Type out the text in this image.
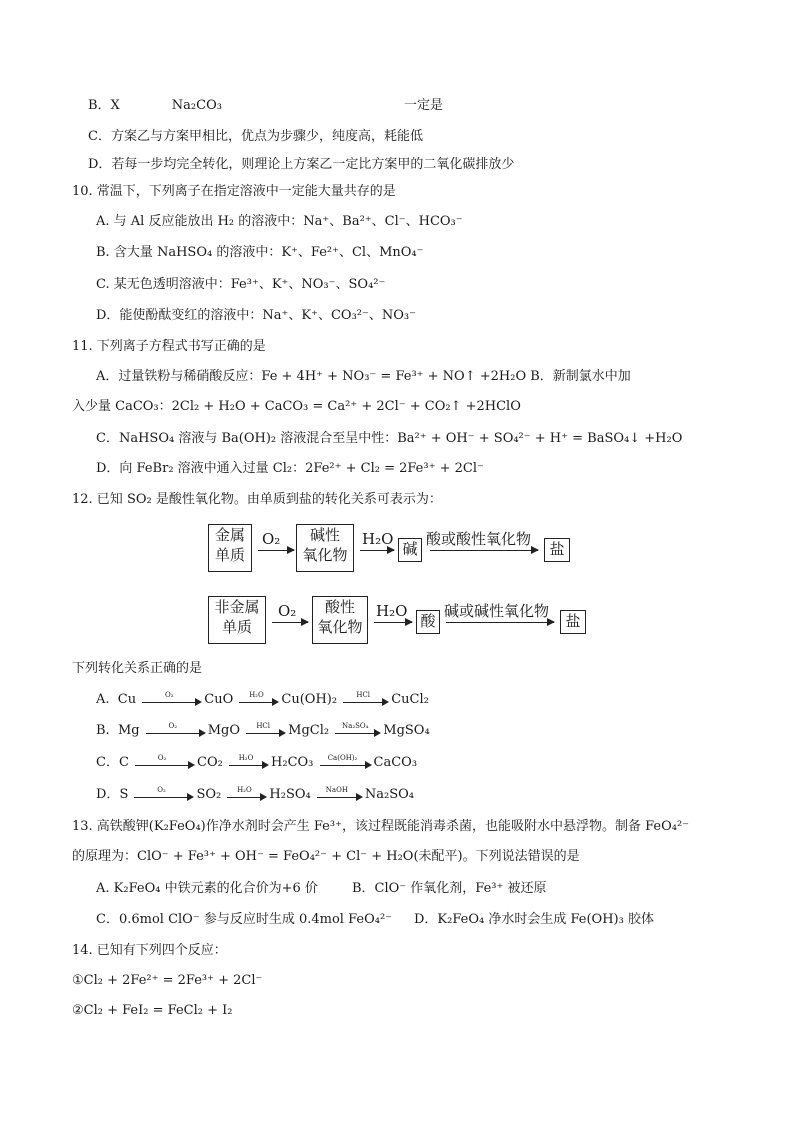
B．X　　　　Na₂CO₃　　　　　　　　　　　　　　一定是
C．方案乙与方案甲相比，优点为步骤少，纯度高，耗能低
D．若每一步均完全转化，则理论上方案乙一定比方案甲的二氧化碳排放少
10. 常温下，下列离子在指定溶液中一定能大量共存的是
A. 与 Al 反应能放出 H₂ 的溶液中：Na⁺、Ba²⁺、Cl⁻、HCO₃⁻
B. 含大量 NaHSO₄ 的溶液中：K⁺、Fe²⁺、Cl、MnO₄⁻
C. 某无色透明溶液中：Fe³⁺、K⁺、NO₃⁻、SO₄²⁻
D．能使酚酞变红的溶液中：Na⁺、K⁺、CO₃²⁻、NO₃⁻
11. 下列离子方程式书写正确的是
A．过量铁粉与稀硝酸反应：Fe + 4H⁺ + NO₃⁻ = Fe³⁺ + NO↑ +2H₂O B．新制氯水中加
入少量 CaCO₃：2Cl₂ + H₂O + CaCO₃ = Ca²⁺ + 2Cl⁻ + CO₂↑ +2HClO
C．NaHSO₄ 溶液与 Ba(OH)₂ 溶液混合至呈中性：Ba²⁺ + OH⁻ + SO₄²⁻ + H⁺ = BaSO₄↓ +H₂O
D．向 FeBr₂ 溶液中通入过量 Cl₂：2Fe²⁺ + Cl₂ = 2Fe³⁺ + 2Cl⁻
12. 已知 SO₂ 是酸性氧化物。由单质到盐的转化关系可表示为：
金属
单质
O₂	碱性
氧化物
H₂O
碱
酸或酸性氧化物
盐
非金属
单质
O₂	酸性
氧化物
H₂O
酸
碱或碱性氧化物
盐
下列转化关系正确的是
A. Cu	O₂	CuO	H₂O	Cu(OH)₂	HCl	CuCl₂
B. Mg	O₂	MgO	HCl	MgCl₂	Na₂SO₄	MgSO₄
C．C	O₂	CO₂	H₂O	H₂CO₃	Ca(OH)₂	CaCO₃
D．S	O₂	SO₂	H₂O	H₂SO₄	NaOH	Na₂SO₄
13. 高铁酸钾(K₂FeO₄)作净水剂时会产生 Fe³⁺，该过程既能消毒杀菌，也能吸附水中悬浮物。制备 FeO₄²⁻
的原理为：ClO⁻ + Fe³⁺ + OH⁻ = FeO₄²⁻ + Cl⁻ + H₂O(未配平)。下列说法错误的是
A. K₂FeO₄ 中铁元素的化合价为+6 价	B．ClO⁻ 作氧化剂，Fe³⁺ 被还原
C．0.6mol ClO⁻ 参与反应时生成 0.4mol FeO₄²⁻ D．K₂FeO₄ 净水时会生成 Fe(OH)₃ 胶体
14. 已知有下列四个反应：
①Cl₂ + 2Fe²⁺ = 2Fe³⁺ + 2Cl⁻
②Cl₂ + FeI₂ = FeCl₂ + I₂
